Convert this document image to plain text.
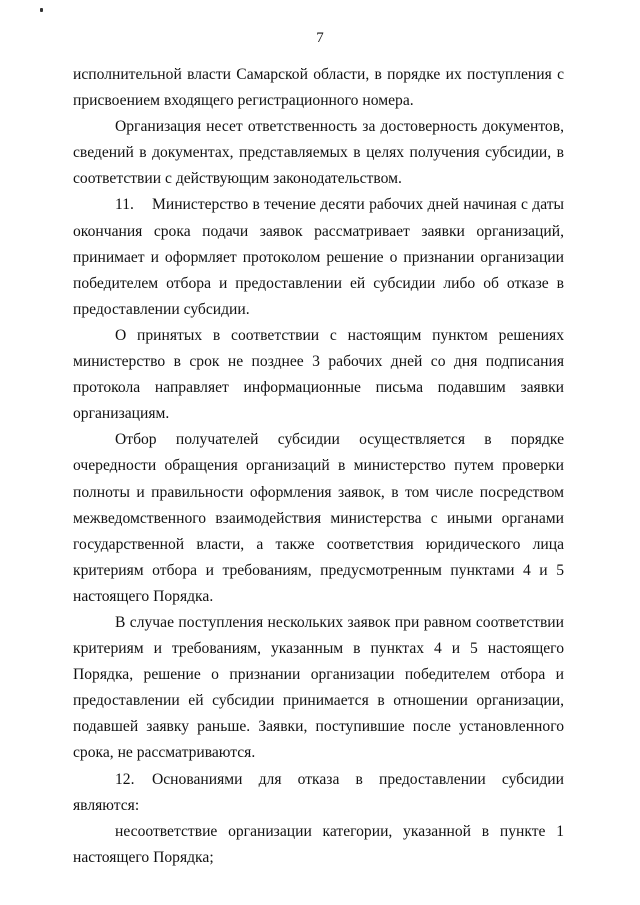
7

исполнительной власти Самарской области, в порядке их поступления с присвоением входящего регистрационного номера.

Организация несет ответственность за достоверность документов, сведений в документах, представляемых в целях получения субсидии, в соответствии с действующим законодательством.

11. Министерство в течение десяти рабочих дней начиная с даты окончания срока подачи заявок рассматривает заявки организаций, принимает и оформляет протоколом решение о признании организации победителем отбора и предоставлении ей субсидии либо об отказе в предоставлении субсидии.

О принятых в соответствии с настоящим пунктом решениях министерство в срок не позднее 3 рабочих дней со дня подписания протокола направляет информационные письма подавшим заявки организациям.

Отбор получателей субсидии осуществляется в порядке очередности обращения организаций в министерство путем проверки полноты и правильности оформления заявок, в том числе посредством межведомственного взаимодействия министерства с иными органами государственной власти, а также соответствия юридического лица критериям отбора и требованиям, предусмотренным пунктами 4 и 5 настоящего Порядка.

В случае поступления нескольких заявок при равном соответствии критериям и требованиям, указанным в пунктах 4 и 5 настоящего Порядка, решение о признании организации победителем отбора и предоставлении ей субсидии принимается в отношении организации, подавшей заявку раньше. Заявки, поступившие после установленного срока, не рассматриваются.

12. Основаниями для отказа в предоставлении субсидии являются:

несоответствие организации категории, указанной в пункте 1 настоящего Порядка;
